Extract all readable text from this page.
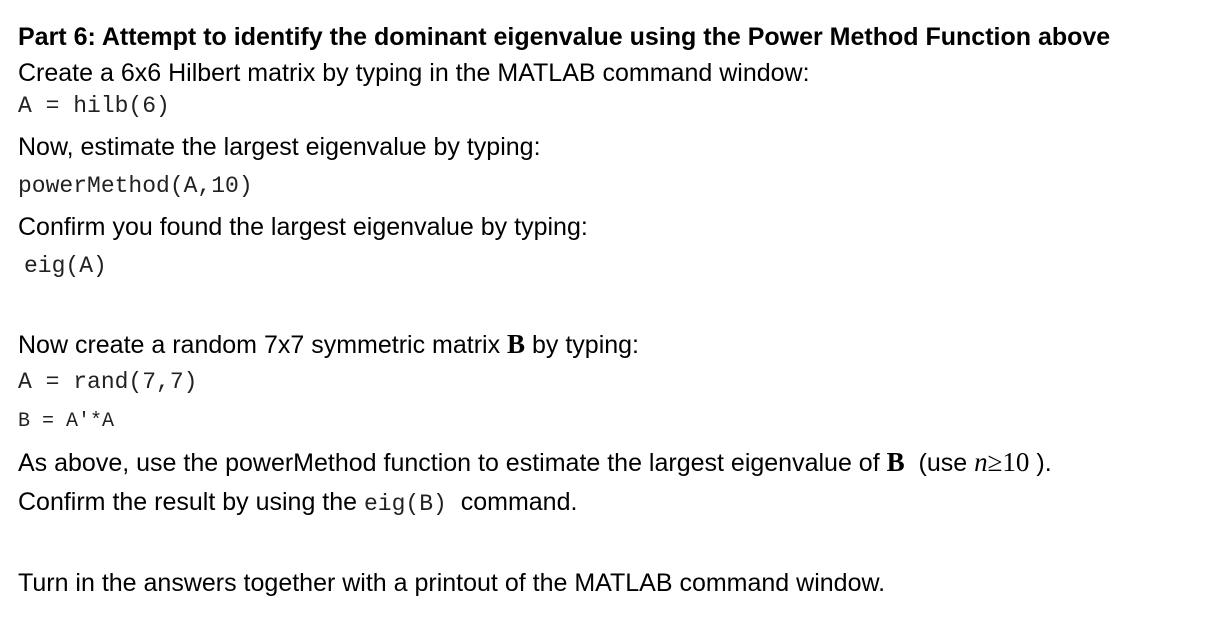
Part 6: Attempt to identify the dominant eigenvalue using the Power Method Function above
Create a 6x6 Hilbert matrix by typing in the MATLAB command window:
A = hilb(6)
Now, estimate the largest eigenvalue by typing:
powerMethod(A,10)
Confirm you found the largest eigenvalue by typing:
eig(A)
Now create a random 7x7 symmetric matrix B by typing:
A = rand(7,7)
B = A'*A
As above, use the powerMethod function to estimate the largest eigenvalue of B  (use n≥10 ).
Confirm the result by using the eig(B)  command.
Turn in the answers together with a printout of the MATLAB command window.
